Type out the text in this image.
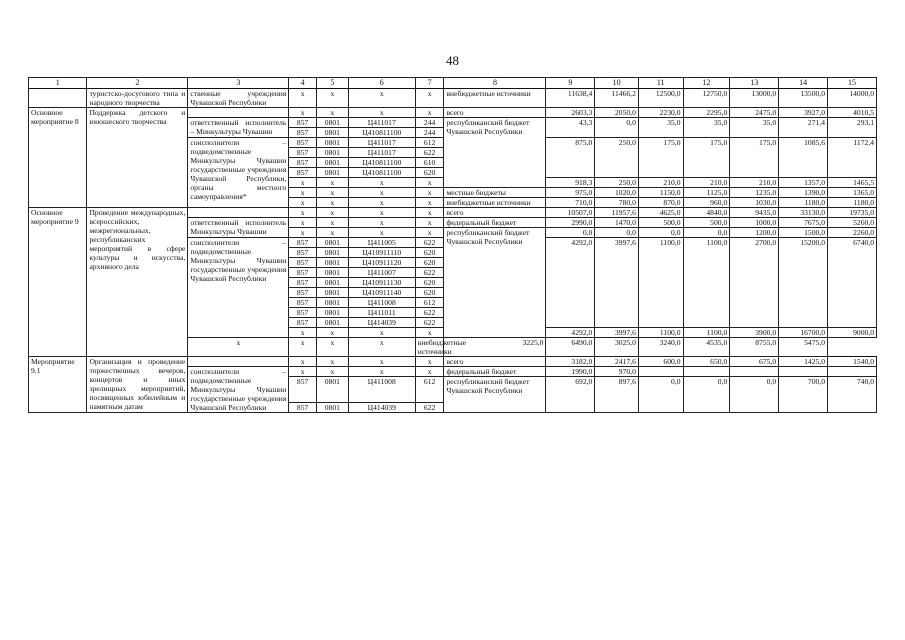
48
1	2	3	4	5	6	7	8	9	10	11	12	13	14	15
	туристско-досугового типа и народного творчества	ственные учреждения Чувашской Республики	x	x	x	x	внебюджетные источники	11638,4	11466,2	12500,0	12750,0	13000,0	13500,0	14000,0
Основное мероприятие 8	Поддержка детского и юношеского творчества		x	x	x	x	всего	2603,3	2050,0	2230,0	2295,0	2475,0	3927,0	4010,5
		ответственный исполнитель – Минкультуры Чувашии	857	0801	Ц411017	244	республиканский бюджет Чувашской Республики	43,3	0,0	35,0	35,0	35,0	271,4	293,1
			857	0801	Ц410811100	244								
		соисполнители – подведомственные Минкультуры Чувашии государственные учреждения Чувашской Республики, органы местного самоуправления*	857	0801	Ц411017	612		875,0	250,0	175,0	175,0	175,0	1085,6	1172,4
			857	0801	Ц411017	622								
			857	0801	Ц410811100	610								
			857	0801	Ц410811100	620								
			x	x	x	x		918,3	250,0	210,0	210,0	210,0	1357,0	1465,5
			x	x	x	x	местные бюджеты	975,0	1020,0	1150,0	1125,0	1235,0	1390,0	1365,0
			x	x	x	x	внебюджетные источники	710,0	780,0	870,0	960,0	1030,0	1180,0	1180,0
Основное мероприятие 9	Проведение международных, всероссийских, межрегиональных, республиканских мероприятий в сфере культуры и искусства, архивного дела		x	x	x	x	всего	10507,0	11957,6	4625,0	4840,0	9435,0	33130,0	19735,0
		ответственный исполнитель Минкультуры Чувашии	x	x	x	x	федеральный бюджет	2990,0	1470,0	500,0	500,0	1000,0	7675,0	5260,0
			x	x	x	x	республиканский бюджет Чувашской Республики	0,0	0,0	0,0	0,0	1200,0	1500,0	2260,0
		соисполнители – подведомственные Минкультуры Чувашии государственные учреждения Чувашской Республики	857	0801	Ц411005	622		4292,0	3997,6	1100,0	1100,0	2700,0	15200,0	6740,0
			857	0801	Ц410911110	620								
			857	0801	Ц410911120	620								
			857	0801	Ц411007	622								
			857	0801	Ц410911130	620								
			857	0801	Ц410911140	620								
			857	0801	Ц411008	612								
			857	0801	Ц411011	622								
			857	0801	Ц414039	622								
			x	x	x	x		4292,0	3997,6	1100,0	1100,0	3900,0	16700,0	9000,0
		x	x	x	x	внебюджетные источники	3225,0	6490,0	3025,0	3240,0	4535,0	8755,0	5475,0	
Мероприятие 9.1	Организация и проведение торжественных вечеров, концертов и иных зрелищных мероприятий, посвященных юбилейным и памятным датам		x	x	x	x	всего	3182,0	2417,6	600,0	650,0	675,0	1425,0	1540,0
		соисполнители – подведомственные Минкультуры Чувашии государственные учреждения Чувашской Республики	x	x	x	x	федеральный бюджет	1990,0	970,0					
			857	0801	Ц411008	612	республиканский бюджет Чувашской Республики	692,0	897,6	0,0	0,0	0,0	700,0	740,0
			857	0801	Ц414039	622								
